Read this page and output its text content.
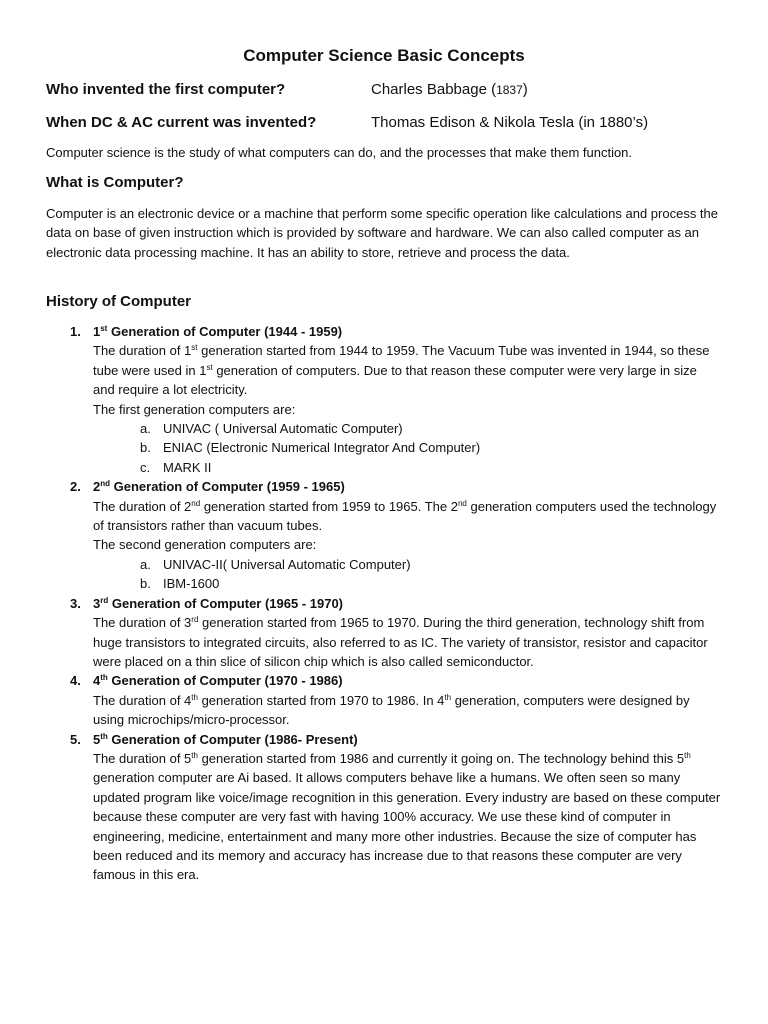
Computer Science Basic Concepts
Who invented the first computer?	Charles Babbage (1837)
When DC & AC current was invented?	Thomas Edison & Nikola Tesla (in 1880’s)
Computer science is the study of what computers can do, and the processes that make them function.
What is Computer?
Computer is an electronic device or a machine that perform some specific operation like calculations and process the data on base of given instruction which is provided by software and hardware. We can also called computer as an electronic data processing machine. It has an ability to store, retrieve and process the data.
History of Computer
1. 1st Generation of Computer (1944 - 1959)

The duration of 1st generation started from 1944 to 1959. The Vacuum Tube was invented in 1944, so these tube were used in 1st generation of computers. Due to that reason these computer were very large in size and require a lot electricity.

The first generation computers are:

a. UNIVAC ( Universal Automatic Computer)
b. ENIAC (Electronic Numerical Integrator And Computer)
c. MARK II
2. 2nd Generation of Computer (1959 - 1965)

The duration of 2nd generation started from 1959 to 1965. The 2nd generation computers used the technology of transistors rather than vacuum tubes.

The second generation computers are:

a. UNIVAC-II( Universal Automatic Computer)
b. IBM-1600
3. 3rd Generation of Computer (1965 - 1970)

The duration of 3rd generation started from 1965 to 1970. During the third generation, technology shift from huge transistors to integrated circuits, also referred to as IC. The variety of transistor, resistor and capacitor were placed on a thin slice of silicon chip which is also called semiconductor.

4. 4th Generation of Computer (1970 - 1986)

The duration of 4th generation started from 1970 to 1986. In 4th generation, computers were designed by using microchips/micro-processor.

5. 5th Generation of Computer (1986- Present)

The duration of 5th generation started from 1986 and currently it going on. The technology behind this 5th generation computer are Ai based. It allows computers behave like a humans. We often seen so many updated program like voice/image recognition in this generation. Every industry are based on these computer because these computer are very fast with having 100% accuracy. We use these kind of computer in engineering, medicine, entertainment and many more other industries. Because the size of computer has been reduced and its memory and accuracy has increase due to that reasons these computer are very famous in this era.
